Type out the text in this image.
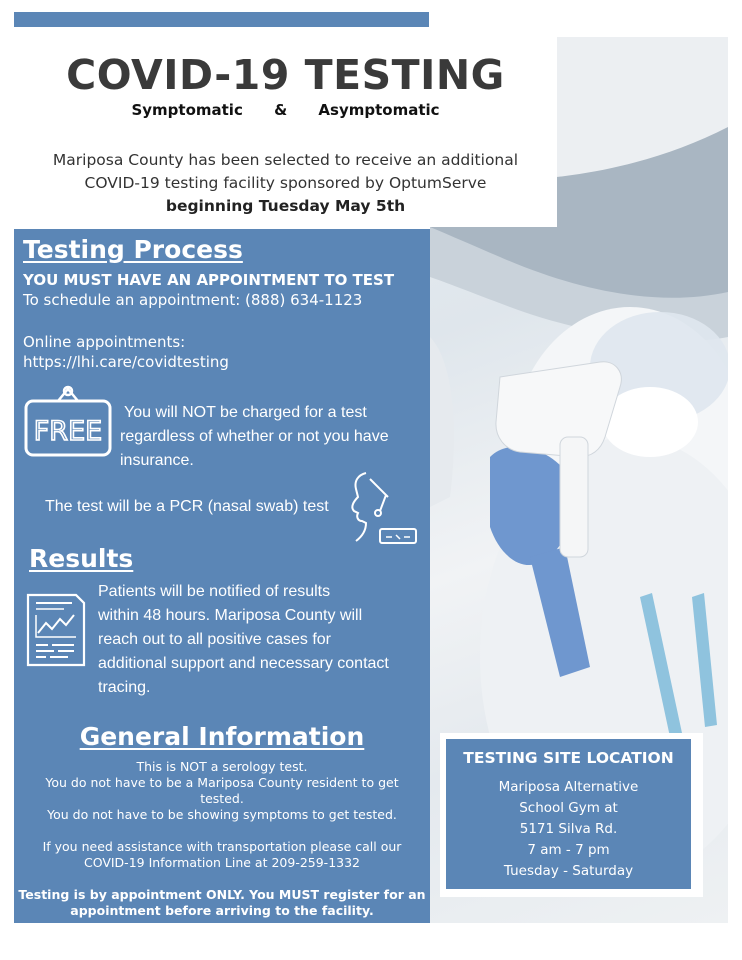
COVID-19 TESTING
Symptomatic & Asymptomatic
Mariposa County has been selected to receive an additional
COVID-19 testing facility sponsored by OptumServe
beginning Tuesday May 5th
Testing Process
YOU MUST HAVE AN APPOINTMENT TO TEST
To schedule an appointment: (888) 634-1123
Online appointments:
https://lhi.care/covidtesting
FREE
You will NOT be charged for a test
regardless of whether or not you have
insurance.
The test will be a PCR (nasal swab) test
Results
Patients will be notified of results
within 48 hours. Mariposa County will
reach out to all positive cases for
additional support and necessary contact
tracing.
General Information

This is NOT a serology test.

You do not have to be a Mariposa County resident to get

tested.

You do not have to be showing symptoms to get tested.

If you need assistance with transportation please call our

COVID-19 Information Line at 209-259-1332

Testing is by appointment ONLY. You MUST register for an

appointment before arriving to the facility.

TESTING SITE LOCATION
Mariposa Alternative
School Gym at
5171 Silva Rd.
7 am - 7 pm
Tuesday - Saturday
